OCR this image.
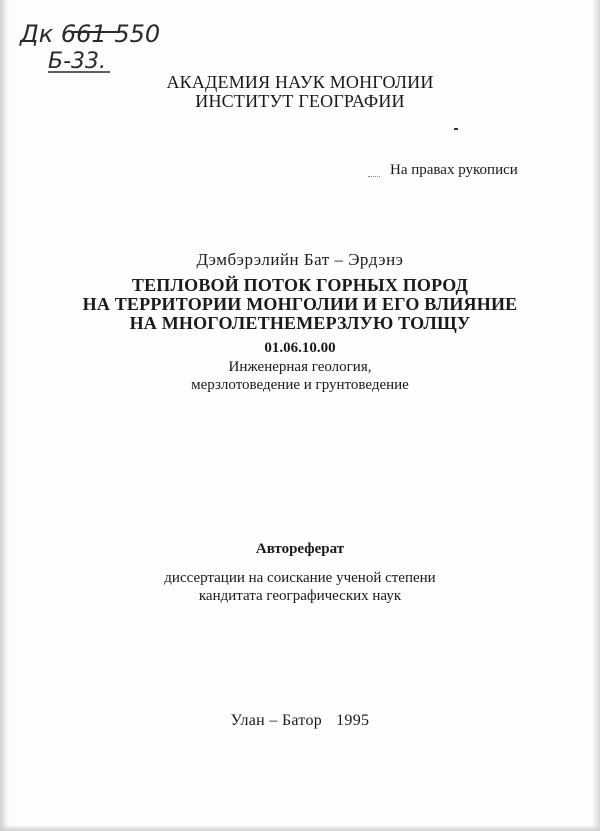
Дк 661 550
Б-33.
АКАДЕМИЯ НАУК МОНГОЛИИ
ИНСТИТУТ ГЕОГРАФИИ
На правах рукописи
Дэмбэрэлийн Бат – Эрдэнэ
ТЕПЛОВОЙ ПОТОК ГОРНЫХ ПОРОД
НА ТЕРРИТОРИИ МОНГОЛИИ И ЕГО ВЛИЯНИЕ
НА МНОГОЛЕТНЕМЕРЗЛУЮ ТОЛЩУ
01.06.10.00
Инженерная геология,
мерзлотоведение и грунтоведение
Автореферат
диссертации на соискание ученой степени
кандитата географических наук
Улан – Батор 1995
